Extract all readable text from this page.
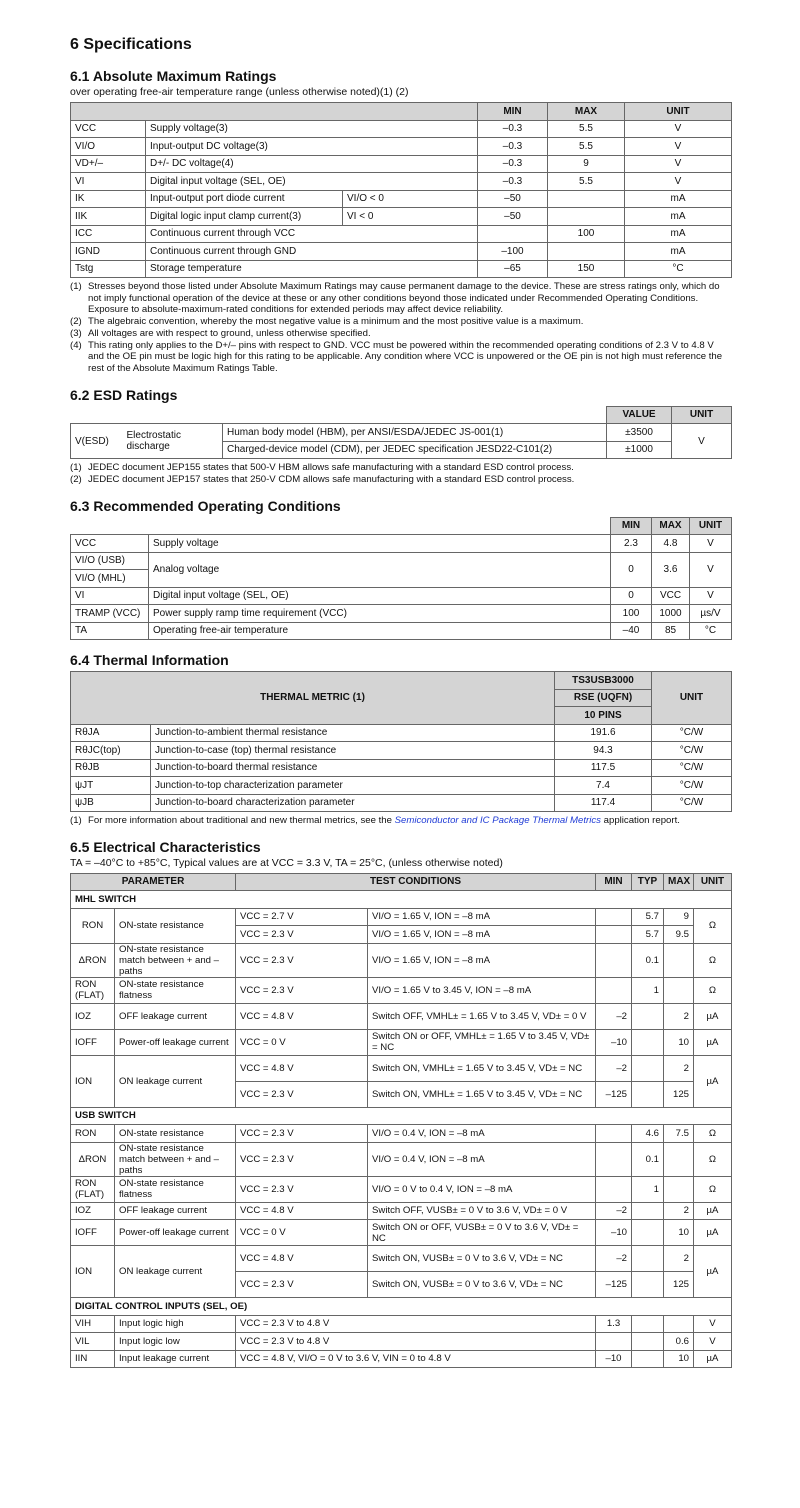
6 Specifications
6.1 Absolute Maximum Ratings
over operating free-air temperature range (unless otherwise noted)(1) (2)
			MIN	MAX	UNIT
VCC	Supply voltage(3)		–0.3	5.5	V
VI/O	Input-output DC voltage(3)		–0.3	5.5	V
VD+/–	D+/- DC voltage(4)		–0.3	9	V
VI	Digital input voltage (SEL, OE)		–0.3	5.5	V
IK	Input-output port diode current	VI/O < 0	–50		mA
IIK	Digital logic input clamp current(3)	VI < 0	–50		mA
ICC	Continuous current through VCC			100	mA
IGND	Continuous current through GND		–100		mA
Tstg	Storage temperature		–65	150	°C
(1) Stresses beyond those listed under Absolute Maximum Ratings may cause permanent damage to the device. These are stress ratings only, which do not imply functional operation of the device at these or any other conditions beyond those indicated under Recommended Operating Conditions. Exposure to absolute-maximum-rated conditions for extended periods may affect device reliability.
(2) The algebraic convention, whereby the most negative value is a minimum and the most positive value is a maximum.
(3) All voltages are with respect to ground, unless otherwise specified.
(4) This rating only applies to the D+/– pins with respect to GND. VCC must be powered within the recommended operating conditions of 2.3 V to 4.8 V and the OE pin must be logic high for this rating to be applicable. Any condition where VCC is unpowered or the OE pin is not high must reference the rest of the Absolute Maximum Ratings Table.
6.2 ESD Ratings
			VALUE	UNIT
V(ESD)	Electrostatic discharge	Human body model (HBM), per ANSI/ESDA/JEDEC JS-001(1)	±3500	V
		Charged-device model (CDM), per JEDEC specification JESD22-C101(2)	±1000	
(1) JEDEC document JEP155 states that 500-V HBM allows safe manufacturing with a standard ESD control process.
(2) JEDEC document JEP157 states that 250-V CDM allows safe manufacturing with a standard ESD control process.
6.3 Recommended Operating Conditions
		MIN	MAX	UNIT
VCC	Supply voltage	2.3	4.8	V
VI/O (USB)	Analog voltage	0	3.6	V
VI/O (MHL)				
VI	Digital input voltage (SEL, OE)	0	VCC	V
TRAMP (VCC)	Power supply ramp time requirement (VCC)	100	1000	µs/V
TA	Operating free-air temperature	–40	85	°C
6.4 Thermal Information
THERMAL METRIC (1)		TS3USB3000	UNIT
		RSE (UQFN)	
		10 PINS	
RθJA	Junction-to-ambient thermal resistance	191.6	°C/W
RθJC(top)	Junction-to-case (top) thermal resistance	94.3	°C/W
RθJB	Junction-to-board thermal resistance	117.5	°C/W
ψJT	Junction-to-top characterization parameter	7.4	°C/W
ψJB	Junction-to-board characterization parameter	117.4	°C/W
(1) For more information about traditional and new thermal metrics, see the Semiconductor and IC Package Thermal Metrics application report.
6.5 Electrical Characteristics
TA = –40°C to +85°C, Typical values are at VCC = 3.3 V, TA = 25°C, (unless otherwise noted)
PARAMETER		TEST CONDITIONS		MIN	TYP	MAX	UNIT
MHL SWITCH							
RON	ON-state resistance	VCC = 2.7 V	VI/O = 1.65 V, ION = –8 mA		5.7	9	Ω
		VCC = 2.3 V	VI/O = 1.65 V, ION = –8 mA		5.7	9.5	
ΔRON	ON-state resistance match between + and – paths	VCC = 2.3 V	VI/O = 1.65 V, ION = –8 mA		0.1		Ω
RON (FLAT)	ON-state resistance flatness	VCC = 2.3 V	VI/O = 1.65 V to 3.45 V, ION = –8 mA		1		Ω
IOZ	OFF leakage current	VCC = 4.8 V	Switch OFF, VMHL± = 1.65 V to 3.45 V, VD± = 0 V	–2		2	µA
IOFF	Power-off leakage current	VCC = 0 V	Switch ON or OFF, VMHL± = 1.65 V to 3.45 V, VD± = NC	–10		10	µA
ION	ON leakage current	VCC = 4.8 V	Switch ON, VMHL± = 1.65 V to 3.45 V, VD± = NC	–2		2	µA
		VCC = 2.3 V	Switch ON, VMHL± = 1.65 V to 3.45 V, VD± = NC	–125		125	
USB SWITCH							
RON	ON-state resistance	VCC = 2.3 V	VI/O = 0.4 V, ION = –8 mA		4.6	7.5	Ω
ΔRON	ON-state resistance match between + and – paths	VCC = 2.3 V	VI/O = 0.4 V, ION = –8 mA		0.1		Ω
RON (FLAT)	ON-state resistance flatness	VCC = 2.3 V	VI/O = 0 V to 0.4 V, ION = –8 mA		1		Ω
IOZ	OFF leakage current	VCC = 4.8 V	Switch OFF, VUSB± = 0 V to 3.6 V, VD± = 0 V	–2		2	µA
IOFF	Power-off leakage current	VCC = 0 V	Switch ON or OFF, VUSB± = 0 V to 3.6 V, VD± = NC	–10		10	µA
ION	ON leakage current	VCC = 4.8 V	Switch ON, VUSB± = 0 V to 3.6 V, VD± = NC	–2		2	µA
		VCC = 2.3 V	Switch ON, VUSB± = 0 V to 3.6 V, VD± = NC	–125		125	
DIGITAL CONTROL INPUTS (SEL, OE)							
VIH	Input logic high	VCC = 2.3 V to 4.8 V		1.3			V
VIL	Input logic low	VCC = 2.3 V to 4.8 V				0.6	V
IIN	Input leakage current	VCC = 4.8 V, VI/O = 0 V to 3.6 V, VIN = 0 to 4.8 V		–10		10	µA
